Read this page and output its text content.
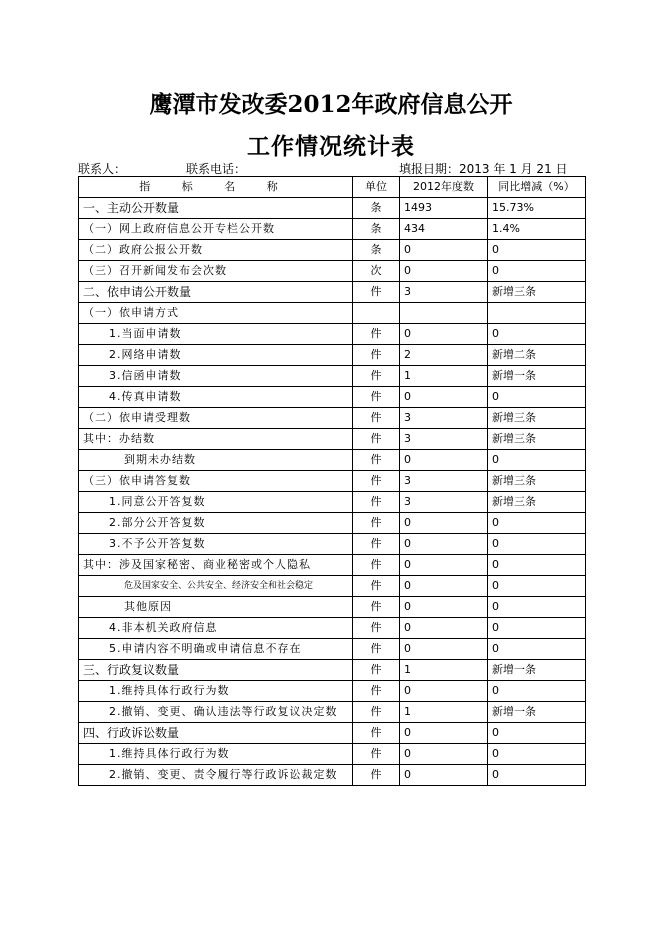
鹰潭市发改委2012年政府信息公开
工作情况统计表
联系人：	联系电话：	填报日期：2013 年 1 月 21 日
指 标 名 称	单位	2012年度数	同比增减（%）
一、主动公开数量	条	1493	15.73%
（一）网上政府信息公开专栏公开数	条	434	1.4%
（二）政府公报公开数	条	0	0
（三）召开新闻发布会次数	次	0	0
二、依申请公开数量	件	3	新增三条
（一）依申请方式			
1.当面申请数	件	0	0
2.网络申请数	件	2	新增二条
3.信函申请数	件	1	新增一条
4.传真申请数	件	0	0
（二）依申请受理数	件	3	新增三条
其中：办结数	件	3	新增三条
到期未办结数	件	0	0
（三）依申请答复数	件	3	新增三条
1.同意公开答复数	件	3	新增三条
2.部分公开答复数	件	0	0
3.不予公开答复数	件	0	0
其中：涉及国家秘密、商业秘密或个人隐私	件	0	0
危及国家安全、公共安全、经济安全和社会稳定	件	0	0
其他原因	件	0	0
4.非本机关政府信息	件	0	0
5.申请内容不明确或申请信息不存在	件	0	0
三、行政复议数量	件	1	新增一条
1.维持具体行政行为数	件	0	0
2.撤销、变更、确认违法等行政复议决定数	件	1	新增一条
四、行政诉讼数量	件	0	0
1.维持具体行政行为数	件	0	0
2.撤销、变更、责令履行等行政诉讼裁定数	件	0	0
